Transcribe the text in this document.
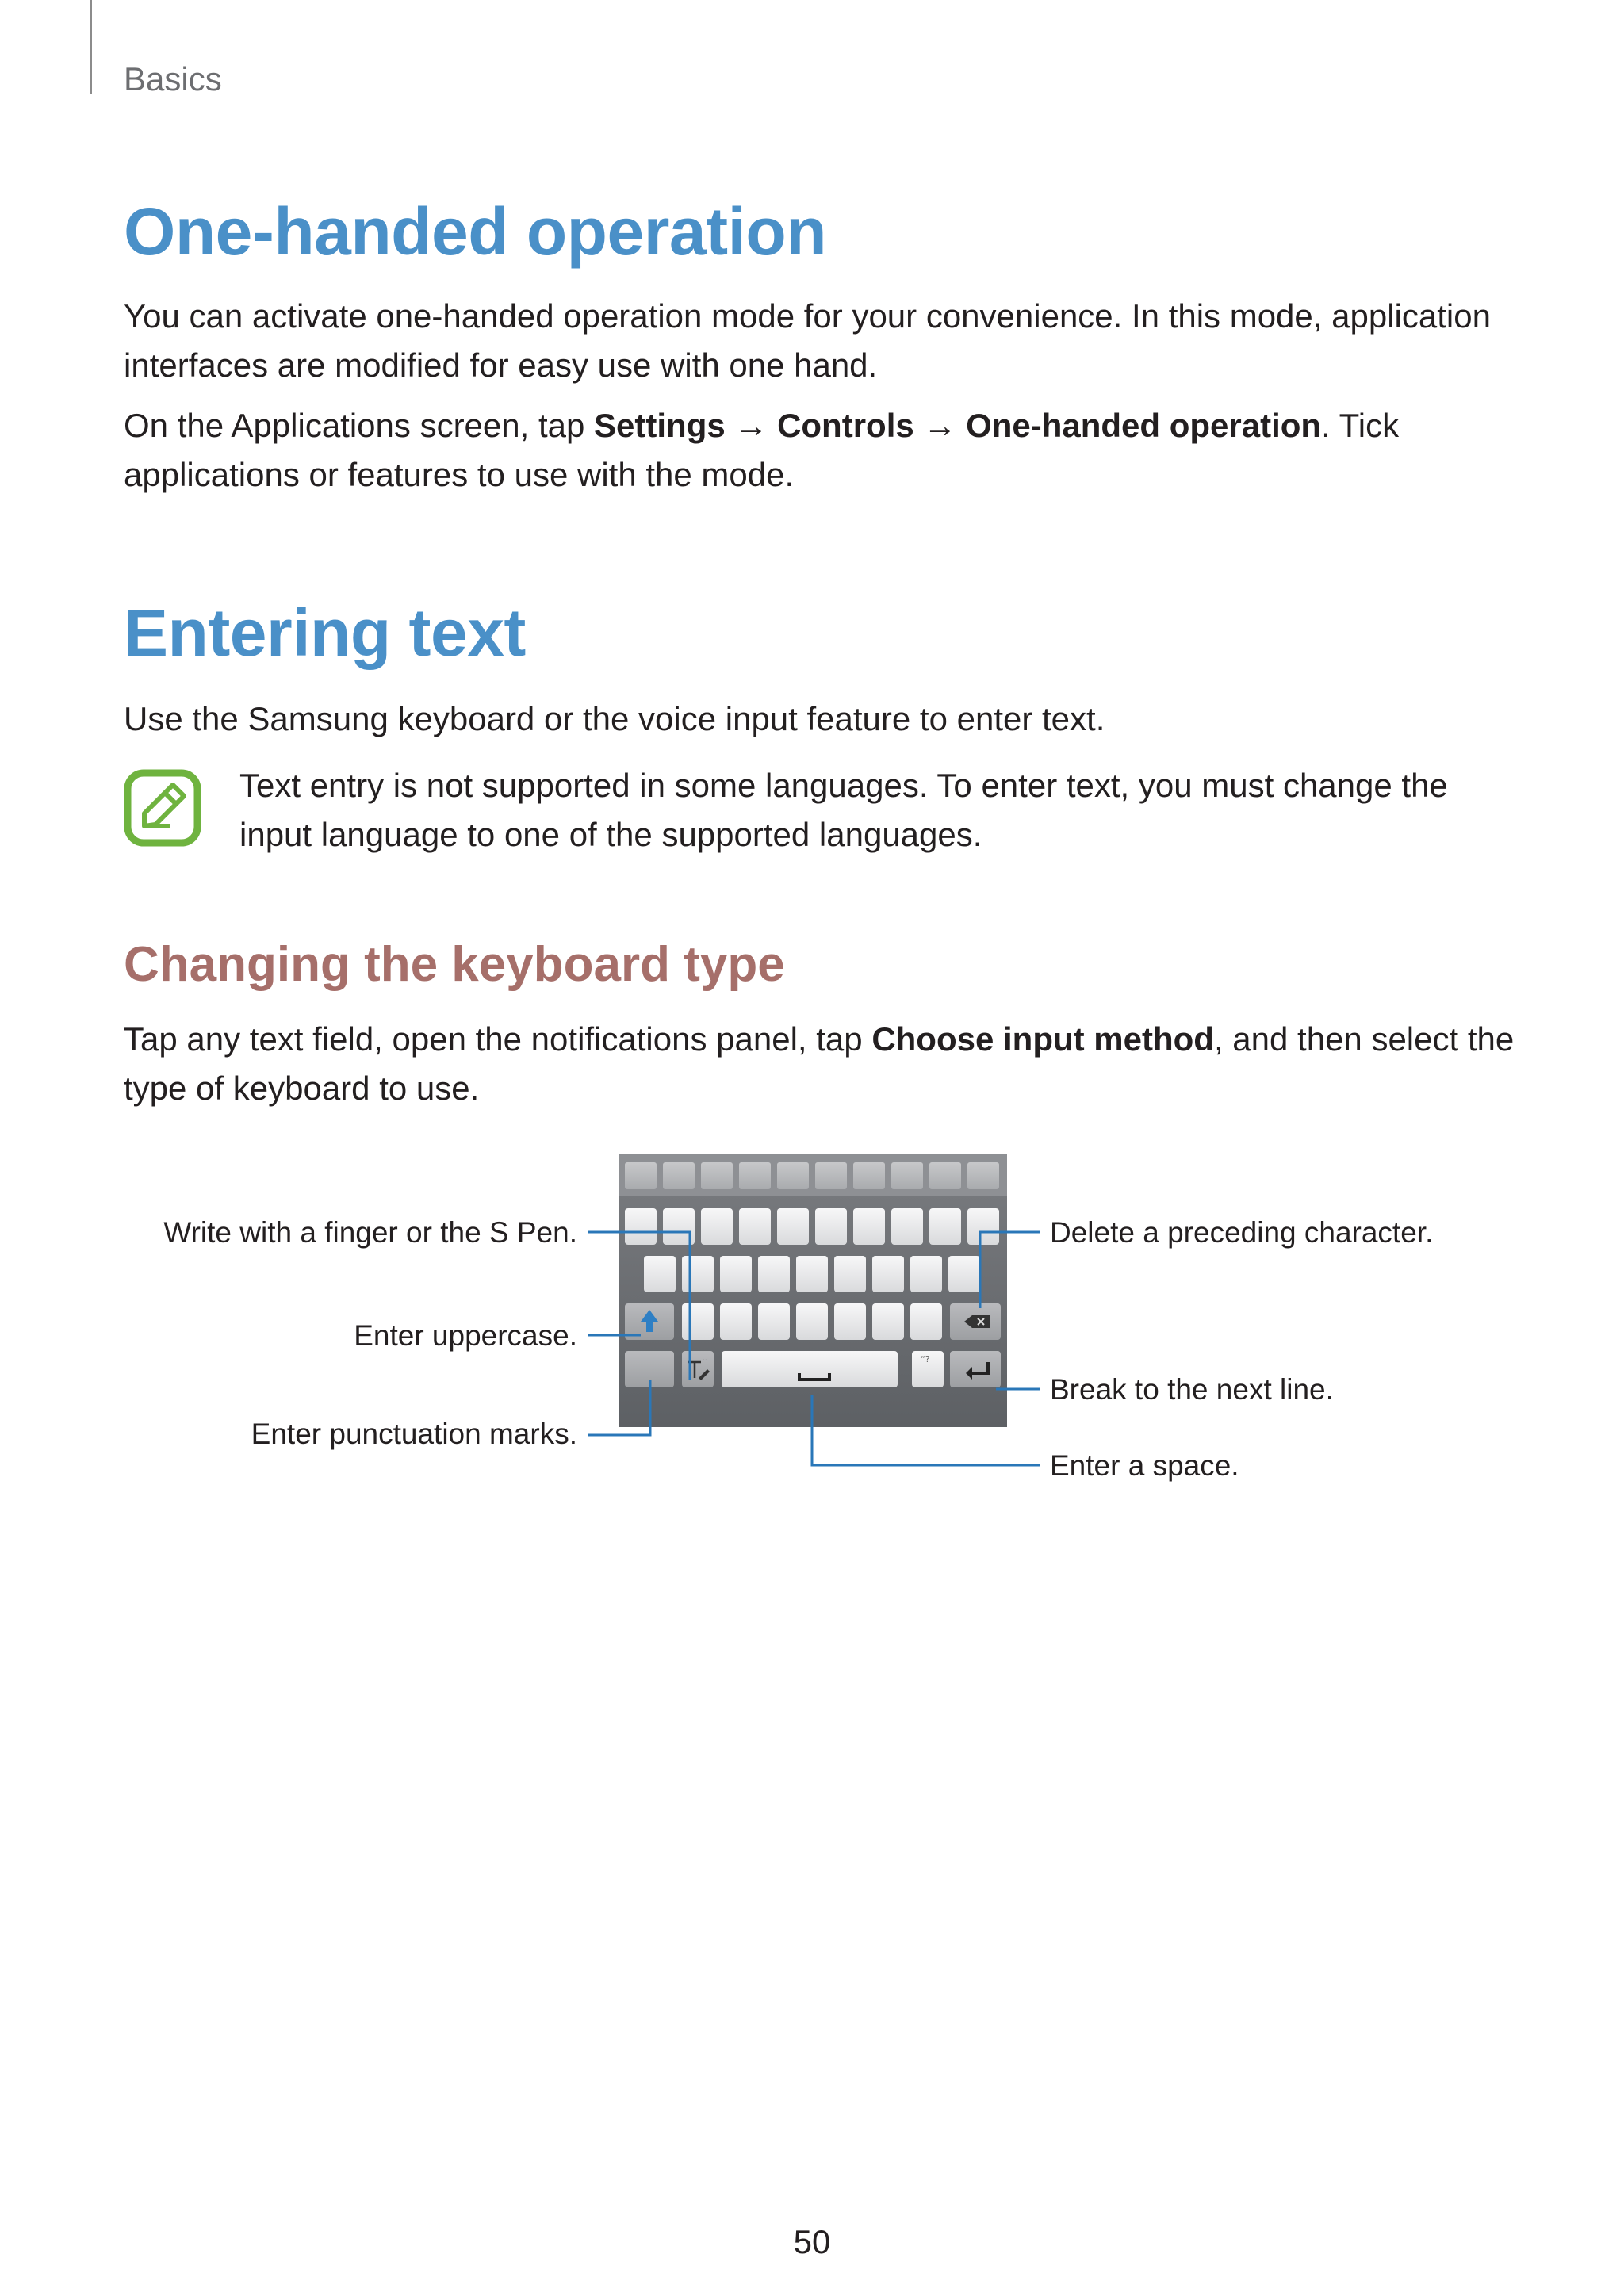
Basics
One-handed operation
You can activate one-handed operation mode for your convenience. In this mode, application interfaces are modified for easy use with one hand.
On the Applications screen, tap Settings → Controls → One-handed operation. Tick applications or features to use with the mode.
Entering text
Use the Samsung keyboard or the voice input feature to enter text.
Text entry is not supported in some languages. To enter text, you must change the input language to one of the supported languages.
Changing the keyboard type
Tap any text field, open the notifications panel, tap Choose input method, and then select the type of keyboard to use.
..	“?
Write with a finger or the S Pen.
Enter uppercase.
Enter punctuation marks.
Delete a preceding character.
Break to the next line.
Enter a space.
50
